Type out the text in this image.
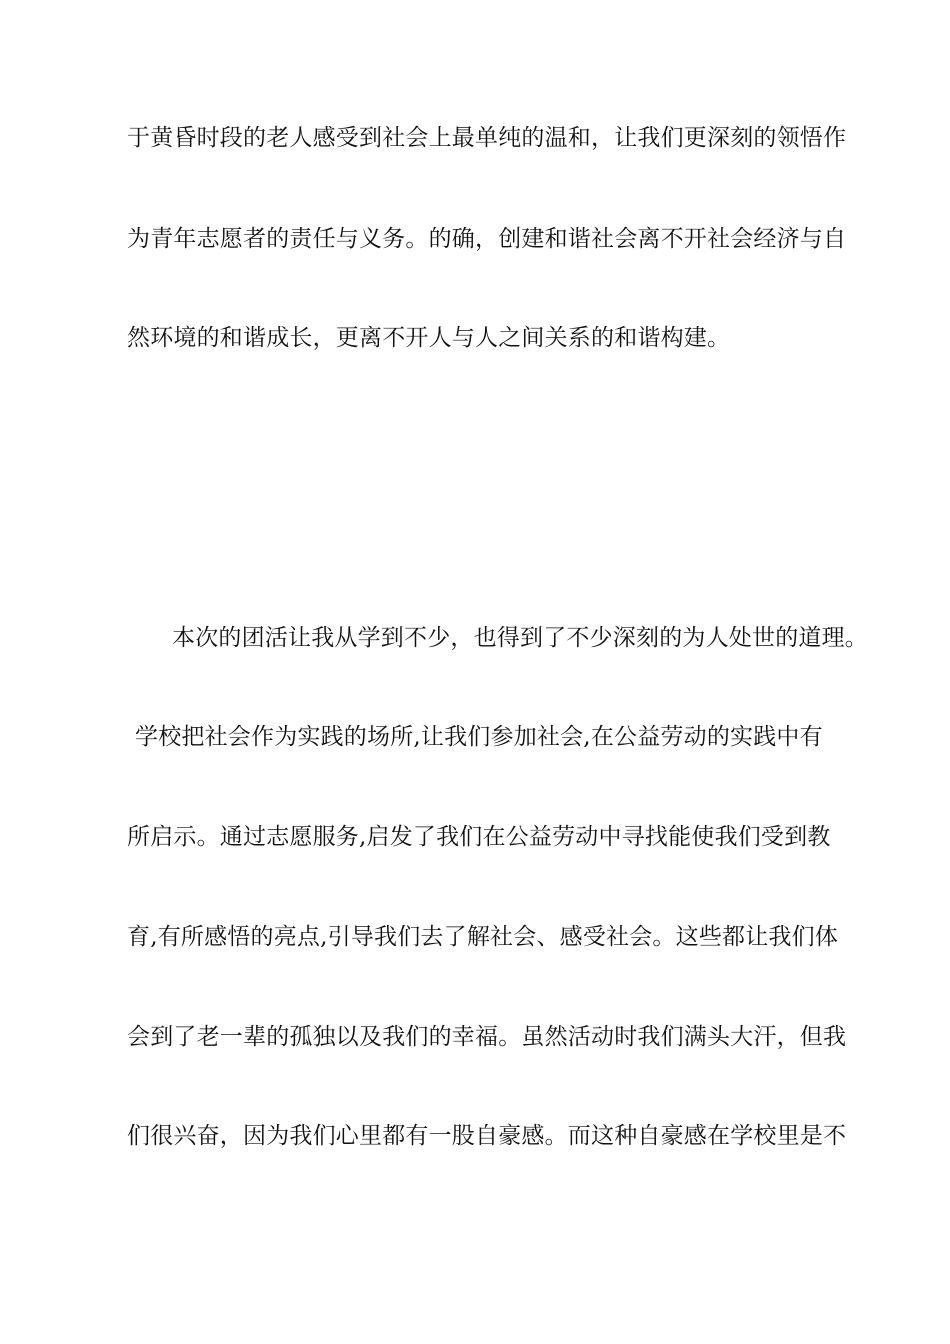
于黄昏时段的老人感受到社会上最单纯的温和，让我们更深刻的领悟作
为青年志愿者的责任与义务。的确，创建和谐社会离不开社会经济与自
然环境的和谐成长，更离不开人与人之间关系的和谐构建。
本次的团活让我从学到不少，也得到了不少深刻的为人处世的道理。
学校把社会作为实践的场所,让我们参加社会,在公益劳动的实践中有
所启示。通过志愿服务,启发了我们在公益劳动中寻找能使我们受到教
育,有所感悟的亮点,引导我们去了解社会、感受社会。这些都让我们体
会到了老一辈的孤独以及我们的幸福。虽然活动时我们满头大汗，但我
们很兴奋，因为我们心里都有一股自豪感。而这种自豪感在学校里是不
